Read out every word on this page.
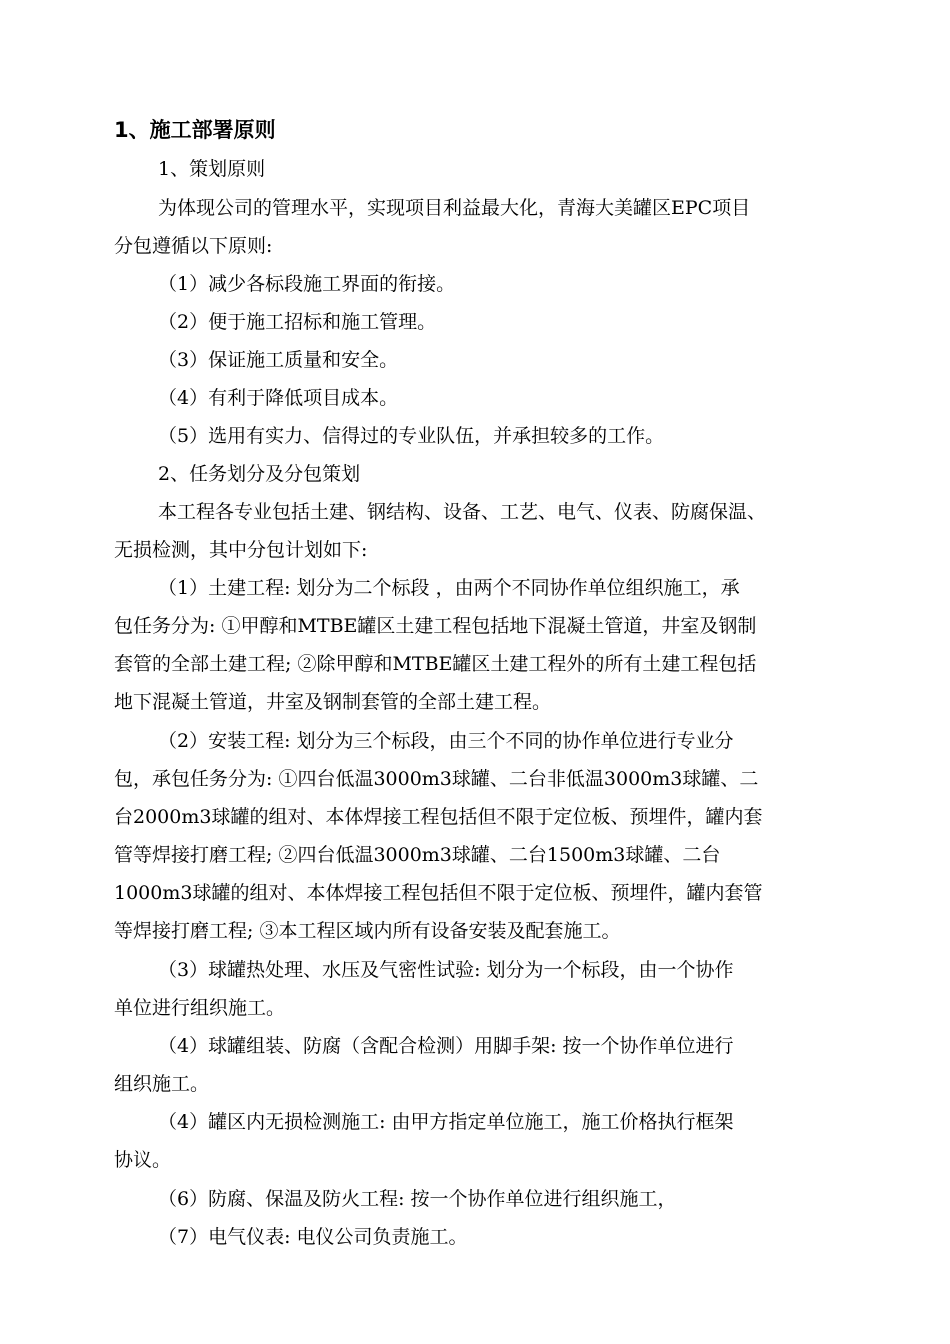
1、施工部署原则
1、策划原则
为体现公司的管理水平，实现项目利益最大化，青海大美罐区EPC项目
分包遵循以下原则:
（1）减少各标段施工界面的衔接。
（2）便于施工招标和施工管理。
（3）保证施工质量和安全。
（4）有利于降低项目成本。
（5）选用有实力、信得过的专业队伍，并承担较多的工作。
2、任务划分及分包策划
本工程各专业包括土建、钢结构、设备、工艺、电气、仪表、防腐保温、
无损检测，其中分包计划如下:
（1）土建工程: 划分为二个标段 ，由两个不同协作单位组织施工，承
包任务分为: ①甲醇和MTBE罐区土建工程包括地下混凝土管道，井室及钢制
套管的全部土建工程; ②除甲醇和MTBE罐区土建工程外的所有土建工程包括
地下混凝土管道，井室及钢制套管的全部土建工程。
（2）安装工程: 划分为三个标段，由三个不同的协作单位进行专业分
包，承包任务分为: ①四台低温3000m3球罐、二台非低温3000m3球罐、二
台2000m3球罐的组对、本体焊接工程包括但不限于定位板、预埋件，罐内套
管等焊接打磨工程; ②四台低温3000m3球罐、二台1500m3球罐、二台
1000m3球罐的组对、本体焊接工程包括但不限于定位板、预埋件，罐内套管
等焊接打磨工程; ③本工程区域内所有设备安装及配套施工。
（3）球罐热处理、水压及气密性试验: 划分为一个标段，由一个协作
单位进行组织施工。
（4）球罐组装、防腐（含配合检测）用脚手架: 按一个协作单位进行
组织施工。
（4）罐区内无损检测施工: 由甲方指定单位施工，施工价格执行框架
协议。
（6）防腐、保温及防火工程: 按一个协作单位进行组织施工，
（7）电气仪表: 电仪公司负责施工。
